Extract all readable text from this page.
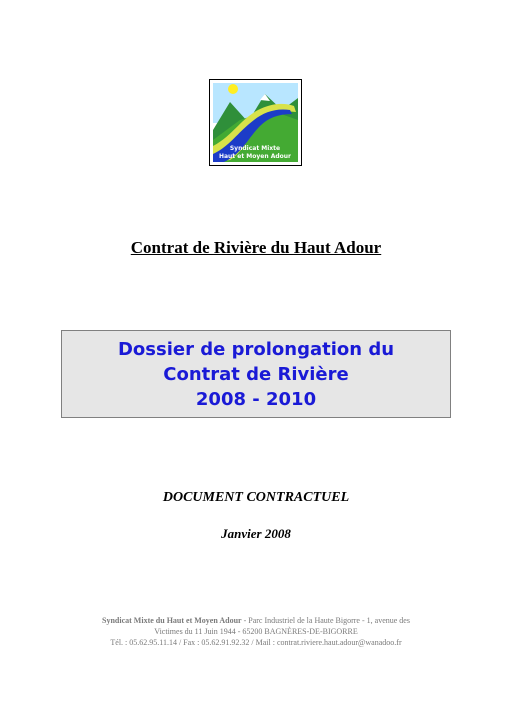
Syndicat Mixte
Haut et Moyen Adour
Contrat de Rivière du Haut Adour
Dossier de prolongation du
Contrat de Rivière
2008 - 2010
DOCUMENT CONTRACTUEL
Janvier 2008
Syndicat Mixte du Haut et Moyen Adour - Parc Industriel de la Haute Bigorre - 1, avenue des
Victimes du 11 Juin 1944 - 65200 BAGNÈRES-DE-BIGORRE
Tél. : 05.62.95.11.14 / Fax : 05.62.91.92.32 / Mail : contrat.riviere.haut.adour@wanadoo.fr
